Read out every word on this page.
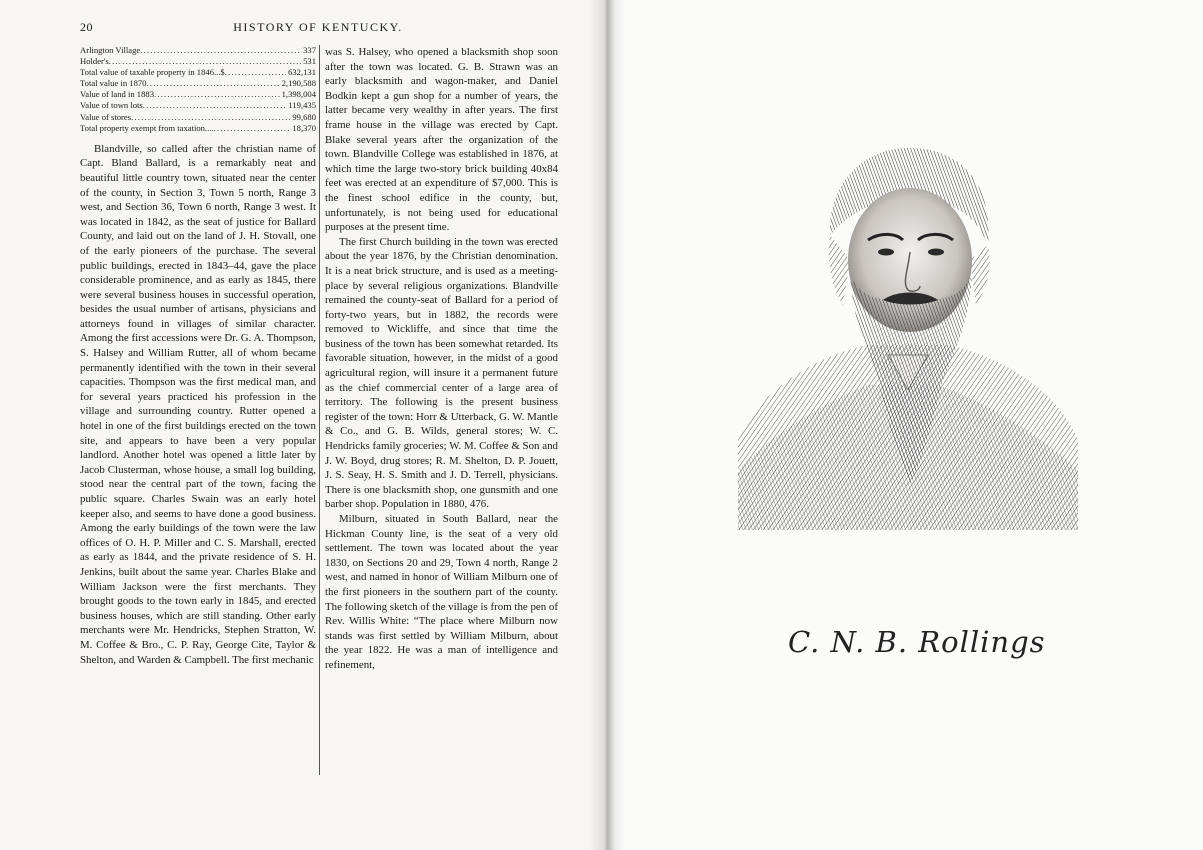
20	HISTORY OF KENTUCKY.
Arlington Village .....	337
Holder's .....	531
Total value of taxable property in 1846...$ .....	632,131
Total value in 1870 .....	2,190,588
Value of land in 1883 .....	1,398,004
Value of town lots .....	119,435
Value of stores .....	99,680
Total property exempt from taxation.... .....	18,370

Blandville, so called after the christian name of Capt. Bland Ballard, is a remarkably neat and beautiful little country town, situated near the center of the county, in Section 3, Town 5 north, Range 3 west, and Section 36, Town 6 north, Range 3 west. It was located in 1842, as the seat of justice for Ballard County, and laid out on the land of J. H. Stovall, one of the early pioneers of the purchase. The several public buildings, erected in 1843–44, gave the place considerable prominence, and as early as 1845, there were several business houses in successful operation, besides the usual number of artisans, physicians and attorneys found in villages of similar character. Among the first accessions were Dr. G. A. Thompson, S. Halsey and William Rutter, all of whom became permanently identified with the town in their several capacities. Thompson was the first medical man, and for several years practiced his profession in the village and surrounding country. Rutter opened a hotel in one of the first buildings erected on the town site, and appears to have been a very popular landlord. Another hotel was opened a little later by Jacob Clusterman, whose house, a small log building, stood near the central part of the town, facing the public square. Charles Swain was an early hotel keeper also, and seems to have done a good business. Among the early buildings of the town were the law offices of O. H. P. Miller and C. S. Marshall, erected as early as 1844, and the private residence of S. H. Jenkins, built about the same year. Charles Blake and William Jackson were the first merchants. They brought goods to the town early in 1845, and erected business houses, which are still standing. Other early merchants were Mr. Hendricks, Stephen Stratton, W. M. Coffee & Bro., C. P. Ray, George Cite, Taylor & Shelton, and Warden & Campbell. The first mechanic

was S. Halsey, who opened a blacksmith shop soon after the town was located. G. B. Strawn was an early blacksmith and wagon-maker, and Daniel Bodkin kept a gun shop for a number of years, the latter became very wealthy in after years. The first frame house in the village was erected by Capt. Blake several years after the organization of the town. Blandville College was established in 1876, at which time the large two-story brick building 40x84 feet was erected at an expenditure of $7,000. This is the finest school edifice in the county, but, unfortunately, is not being used for educational purposes at the present time.

The first Church building in the town was erected about the year 1876, by the Christian denomination. It is a neat brick structure, and is used as a meeting-place by several religious organizations. Blandville remained the county-seat of Ballard for a period of forty-two years, but in 1882, the records were removed to Wickliffe, and since that time the business of the town has been somewhat retarded. Its favorable situation, however, in the midst of a good agricultural region, will insure it a permanent future as the chief commercial center of a large area of territory. The following is the present business register of the town: Horr & Utterback, G. W. Mantle & Co., and G. B. Wilds, general stores; W. C. Hendricks family groceries; W. M. Coffee & Son and J. W. Boyd, drug stores; R. M. Shelton, D. P. Jouett, J. S. Seay, H. S. Smith and J. D. Terrell, physicians. There is one blacksmith shop, one gunsmith and one barber shop. Population in 1880, 476.

Milburn, situated in South Ballard, near the Hickman County line, is the seat of a very old settlement. The town was located about the year 1830, on Sections 20 and 29, Town 4 north, Range 2 west, and named in honor of William Milburn one of the first pioneers in the southern part of the county. The following sketch of the village is from the pen of Rev. Willis White: “The place where Milburn now stands was first settled by William Milburn, about the year 1822. He was a man of intelligence and refinement,

C. N. B. Rollings
